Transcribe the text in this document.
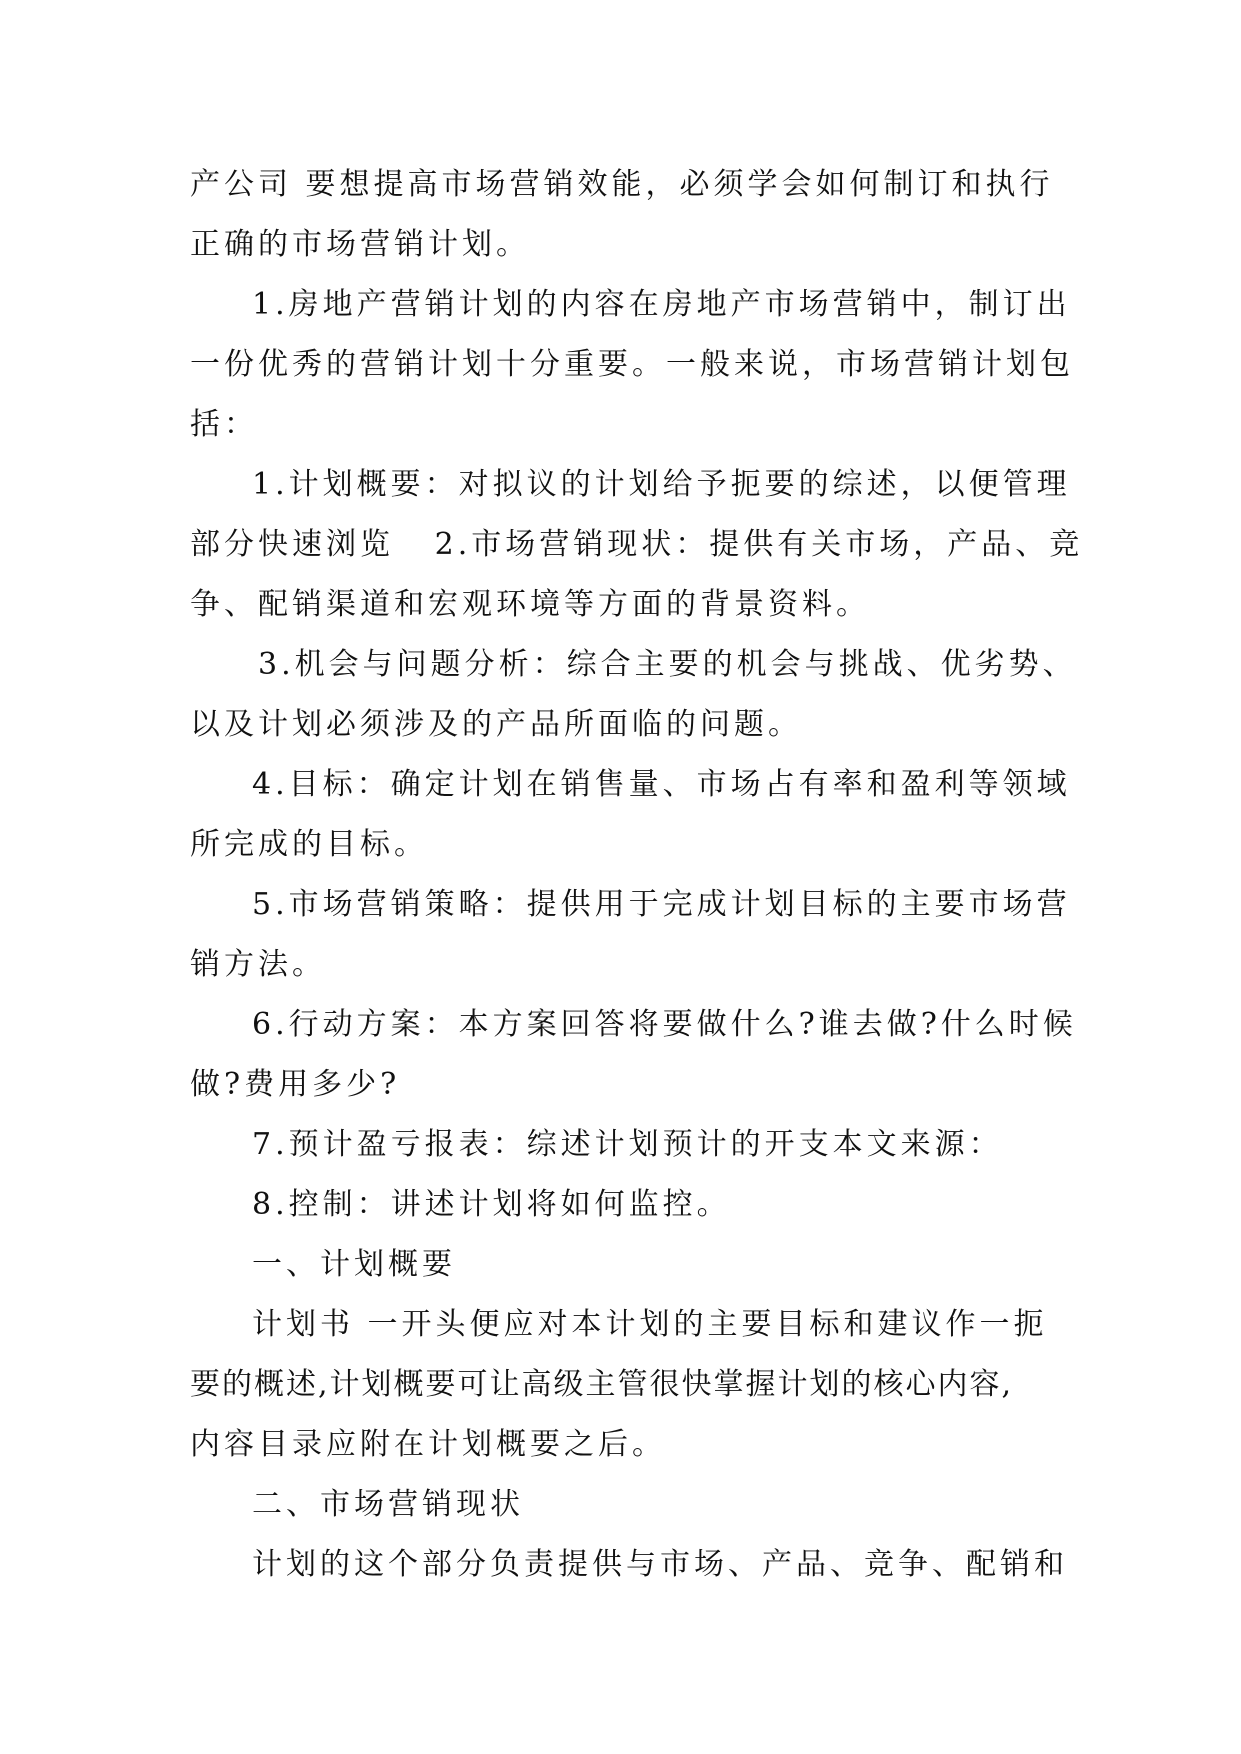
产公司 要想提高市场营销效能，必须学会如何制订和执行
正确的市场营销计划。
1.房地产营销计划的内容在房地产市场营销中，制订出
一份优秀的营销计划十分重要。一般来说，市场营销计划包
括：
1.计划概要：对拟议的计划给予扼要的综述，以便管理
部分快速浏览   2.市场营销现状：提供有关市场，产品、竞
争、配销渠道和宏观环境等方面的背景资料。
3.机会与问题分析：综合主要的机会与挑战、优劣势、
以及计划必须涉及的产品所面临的问题。
4.目标：确定计划在销售量、市场占有率和盈利等领域
所完成的目标。
5.市场营销策略：提供用于完成计划目标的主要市场营
销方法。
6.行动方案：本方案回答将要做什么?谁去做?什么时候
做?费用多少?
7.预计盈亏报表：综述计划预计的开支本文来源：
8.控制：讲述计划将如何监控。
一、计划概要
计划书 一开头便应对本计划的主要目标和建议作一扼
要的概述,计划概要可让高级主管很快掌握计划的核心内容,
内容目录应附在计划概要之后。
二、市场营销现状
计划的这个部分负责提供与市场、产品、竞争、配销和
